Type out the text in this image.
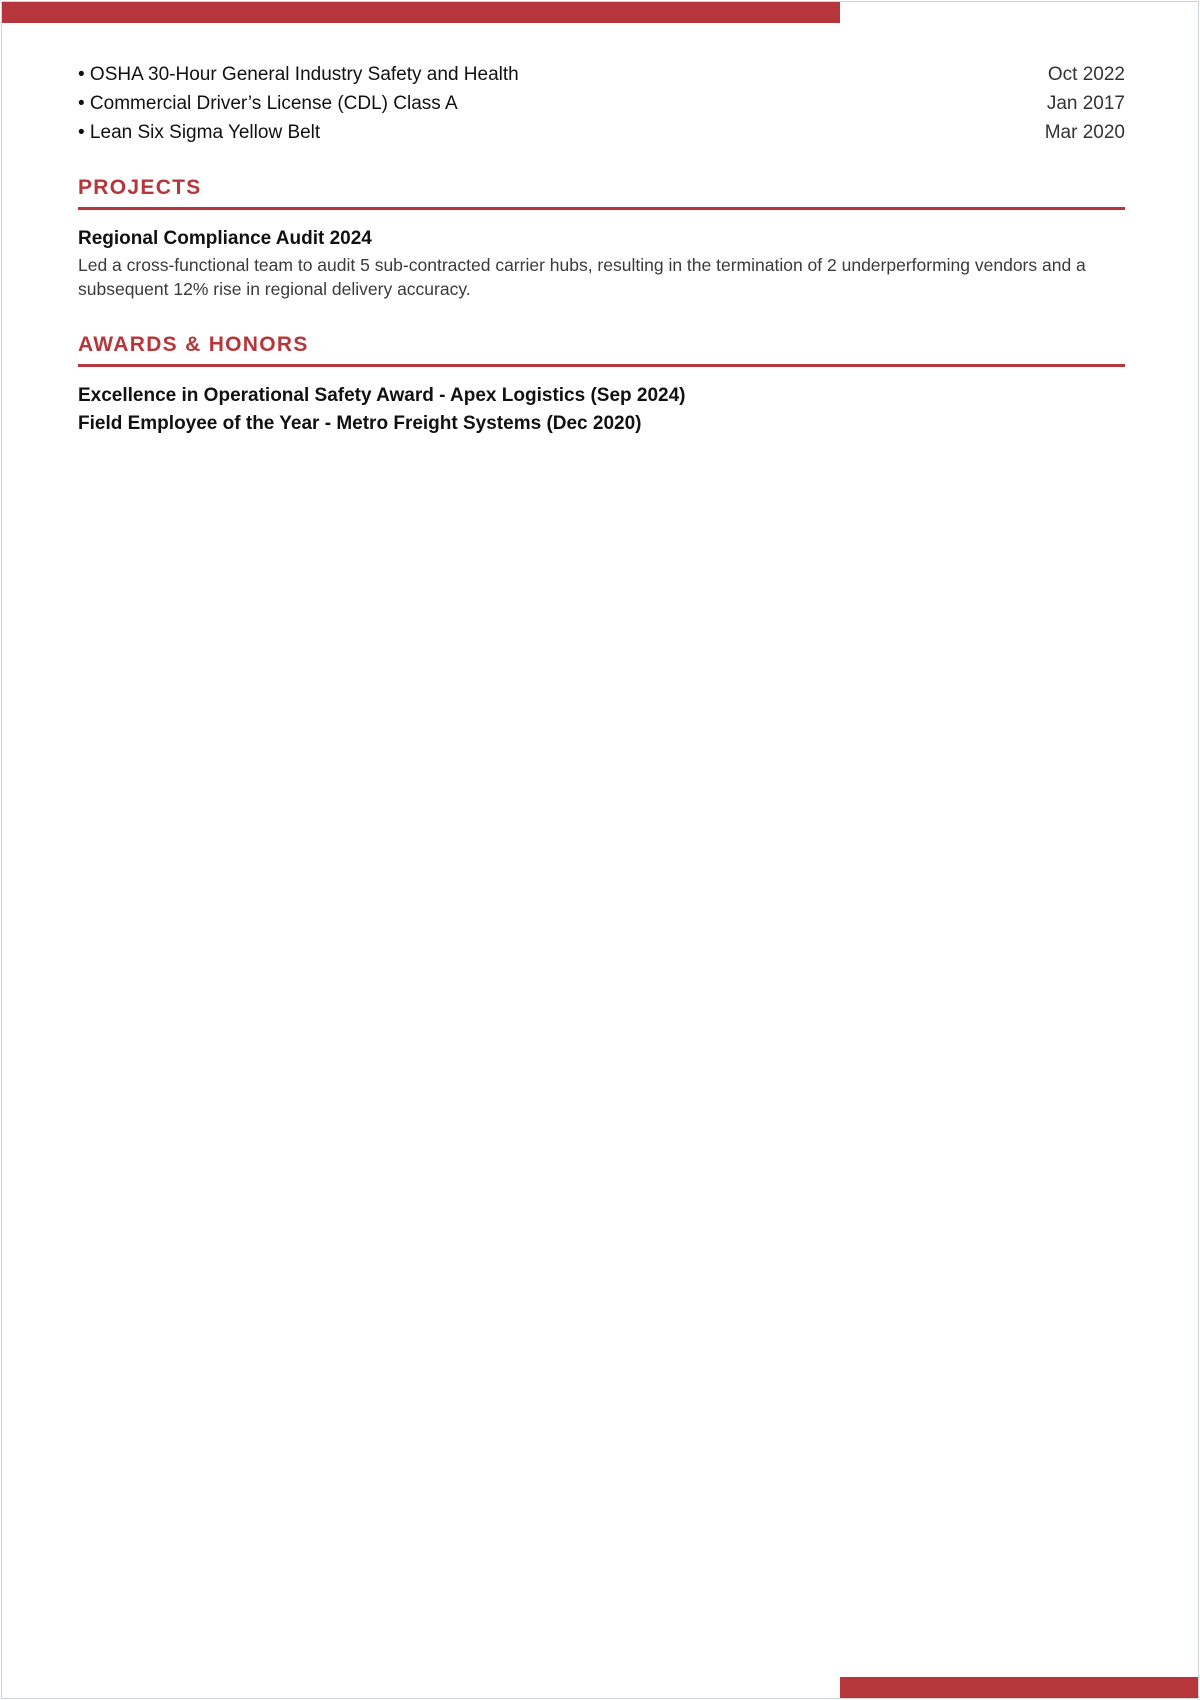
• OSHA 30-Hour General Industry Safety and Health	Oct 2022
• Commercial Driver’s License (CDL) Class A	Jan 2017
• Lean Six Sigma Yellow Belt	Mar 2020
PROJECTS
Regional Compliance Audit 2024
Led a cross-functional team to audit 5 sub-contracted carrier hubs, resulting in the termination of 2 underperforming vendors and a subsequent 12% rise in regional delivery accuracy.
AWARDS & HONORS
Excellence in Operational Safety Award - Apex Logistics (Sep 2024)
Field Employee of the Year - Metro Freight Systems (Dec 2020)
